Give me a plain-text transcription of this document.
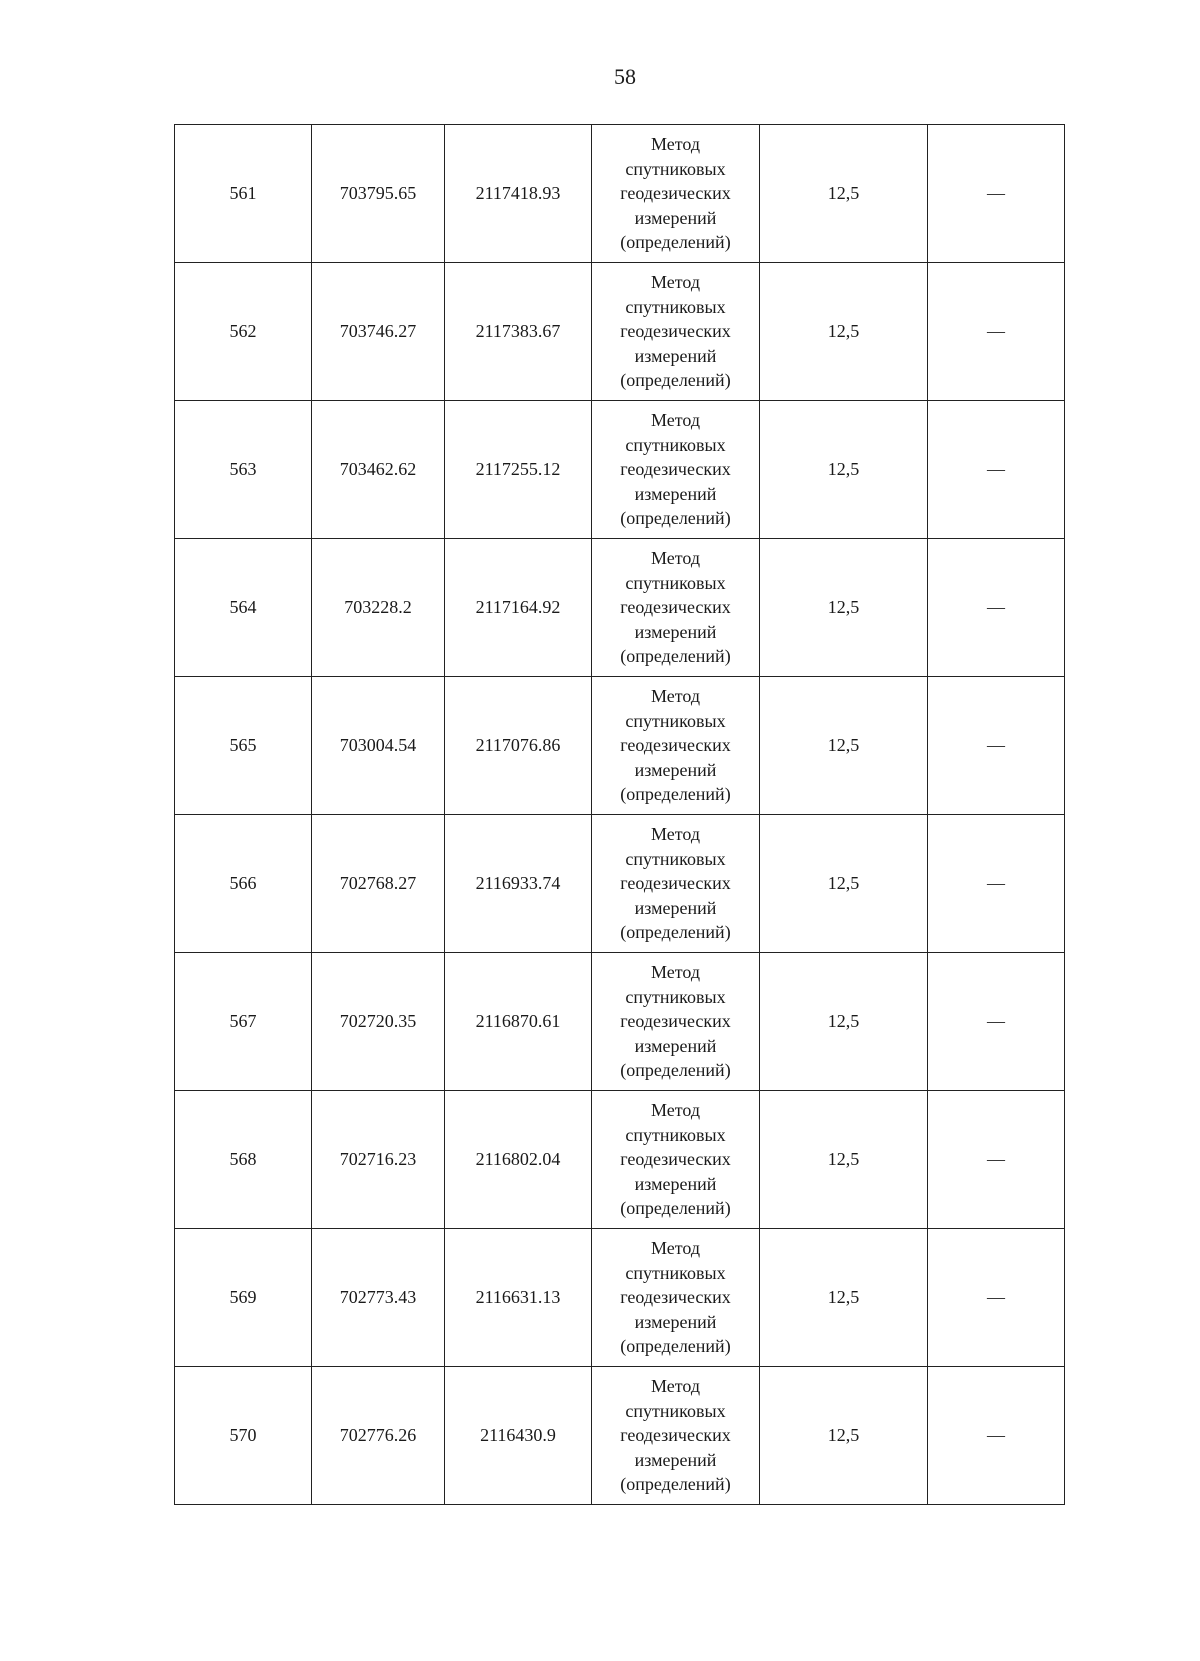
58
561	703795.65	2117418.93	Метод
спутниковых
геодезических
измерений
(определений)	12,5	—
562	703746.27	2117383.67	Метод
спутниковых
геодезических
измерений
(определений)	12,5	—
563	703462.62	2117255.12	Метод
спутниковых
геодезических
измерений
(определений)	12,5	—
564	703228.2	2117164.92	Метод
спутниковых
геодезических
измерений
(определений)	12,5	—
565	703004.54	2117076.86	Метод
спутниковых
геодезических
измерений
(определений)	12,5	—
566	702768.27	2116933.74	Метод
спутниковых
геодезических
измерений
(определений)	12,5	—
567	702720.35	2116870.61	Метод
спутниковых
геодезических
измерений
(определений)	12,5	—
568	702716.23	2116802.04	Метод
спутниковых
геодезических
измерений
(определений)	12,5	—
569	702773.43	2116631.13	Метод
спутниковых
геодезических
измерений
(определений)	12,5	—
570	702776.26	2116430.9	Метод
спутниковых
геодезических
измерений
(определений)	12,5	—
